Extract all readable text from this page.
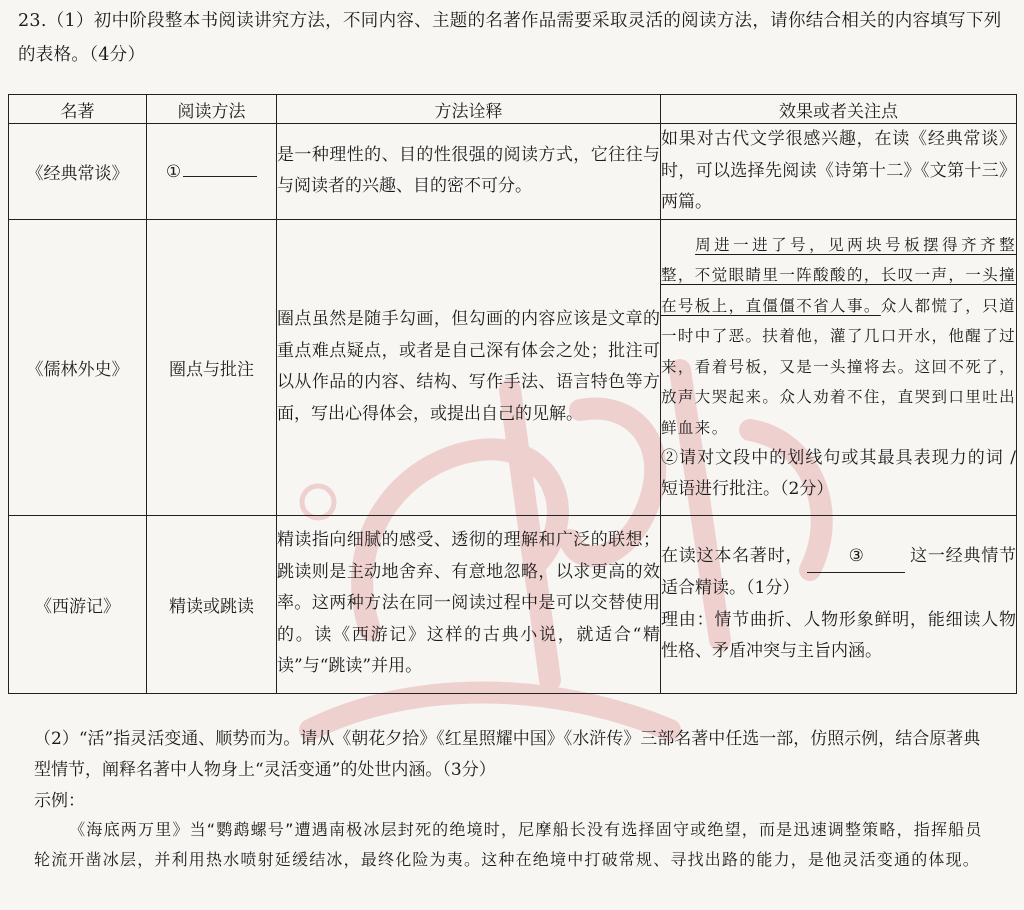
23.（1）初中阶段整本书阅读讲究方法，不同内容、主题的名著作品需要采取灵活的阅读方法，请你结合相关的内容填写下列的表格。（4分）
名著	阅读方法	方法诠释	效果或者关注点
《经典常谈》	①	是一种理性的、目的性很强的阅读方式，它往往与与阅读者的兴趣、目的密不可分。	如果对古代文学很感兴趣，在读《经典常谈》时，可以选择先阅读《诗第十二》《文第十三》两篇。
《儒林外史》	圈点与批注	圈点虽然是随手勾画，但勾画的内容应该是文章的重点难点疑点，或者是自己深有体会之处；批注可以从作品的内容、结构、写作手法、语言特色等方面，写出心得体会，或提出自己的见解。	周进一进了号，见两块号板摆得齐齐整整，不觉眼睛里一阵酸酸的，长叹一声，一头撞在号板上，直僵僵不省人事。众人都慌了，只道一时中了恶。扶着他，灌了几口开水，他醒了过来，看着号板，又是一头撞将去。这回不死了，放声大哭起来。众人劝着不住，直哭到口里吐出鲜血来。
②请对文段中的划线句或其最具表现力的词 / 短语进行批注。（2分）
《西游记》	精读或跳读	精读指向细腻的感受、透彻的理解和广泛的联想；跳读则是主动地舍弃、有意地忽略，以求更高的效率。这两种方法在同一阅读过程中是可以交替使用的。读《西游记》这样的古典小说，就适合“精读”与“跳读”并用。	在读这本名著时， ③ 这一经典情节适合精读。（1分）
理由：情节曲折、人物形象鲜明，能细读人物性格、矛盾冲突与主旨内涵。
（2）“活”指灵活变通、顺势而为。请从《朝花夕拾》《红星照耀中国》《水浒传》三部名著中任选一部，仿照示例，结合原著典型情节，阐释名著中人物身上“灵活变通”的处世内涵。（3分）
示例：
《海底两万里》当“鹦鹉螺号”遭遇南极冰层封死的绝境时，尼摩船长没有选择固守或绝望，而是迅速调整策略，指挥船员轮流开凿冰层，并利用热水喷射延缓结冰，最终化险为夷。这种在绝境中打破常规、寻找出路的能力，是他灵活变通的体现。
